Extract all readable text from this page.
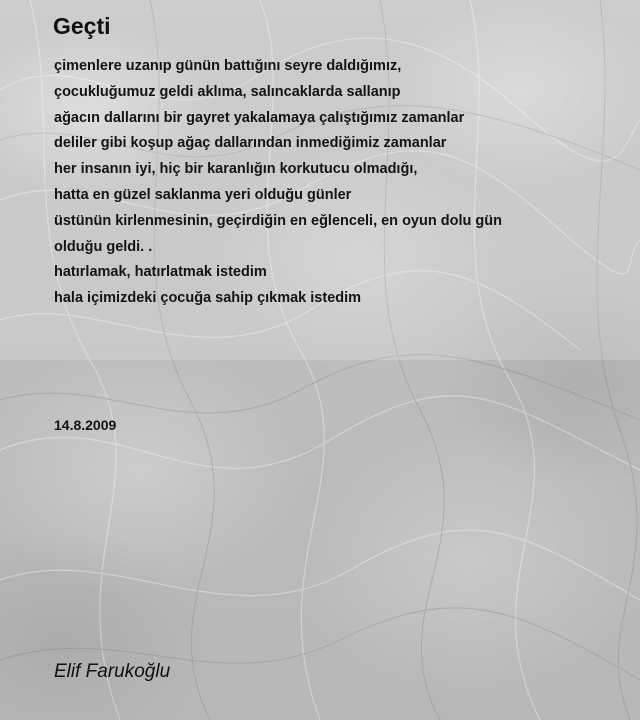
Geçti
çimenlere uzanıp günün battığını seyre daldığımız,
çocukluğumuz geldi aklıma, salıncaklarda sallanıp
ağacın dallarını bir gayret yakalamaya çalıştığımız zamanlar
deliler gibi koşup ağaç dallarından inmediğimiz zamanlar
her insanın iyi, hiç bir karanlığın korkutucu olmadığı,
hatta en güzel saklanma yeri olduğu günler
üstünün kirlenmesinin, geçirdiğin en eğlenceli, en oyun dolu gün
olduğu geldi. .
hatırlamak, hatırlatmak istedim
hala içimizdeki çocuğa sahip çıkmak istedim
14.8.2009
Elif Farukoğlu
